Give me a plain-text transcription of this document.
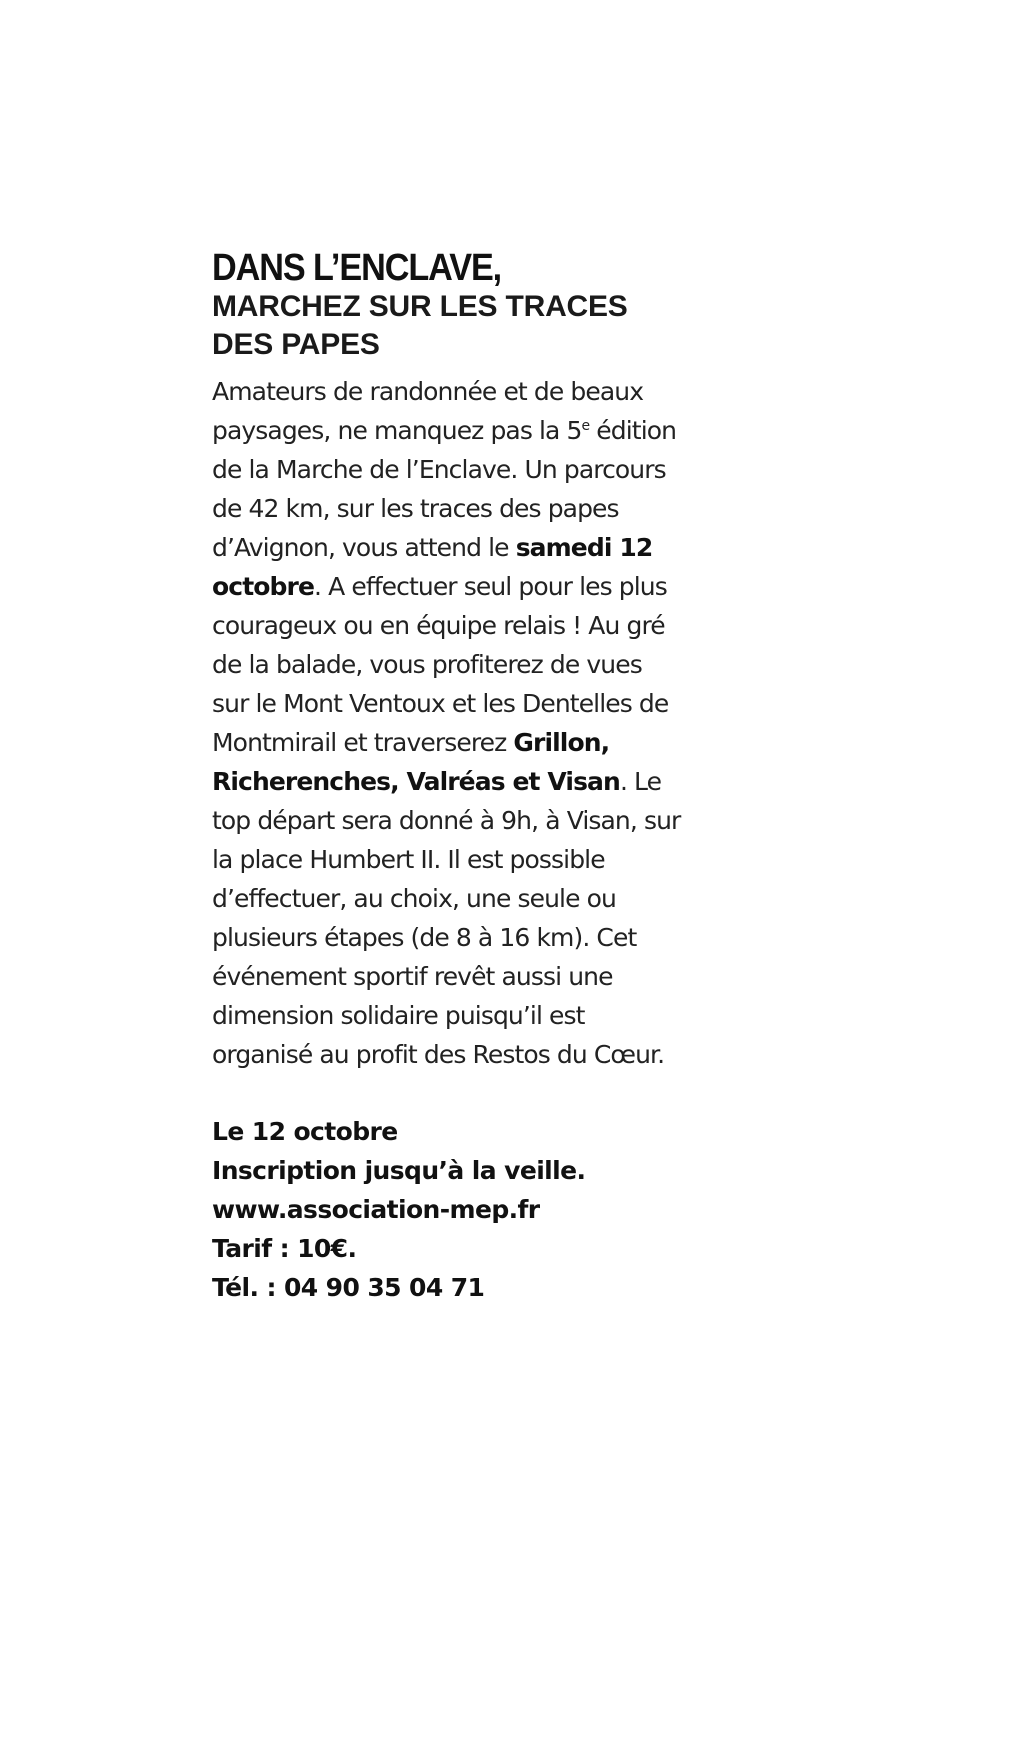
DANS L’ENCLAVE,
MARCHEZ SUR LES TRACES DES PAPES

Amateurs de randonnée et de beaux paysages, ne manquez pas la 5e édition de la Marche de l’Enclave. Un parcours de 42 km, sur les traces des papes d’Avignon, vous attend le samedi 12 octobre. A effectuer seul pour les plus courageux ou en équipe relais ! Au gré de la balade, vous profiterez de vues sur le Mont Ventoux et les Dentelles de Montmirail et traverserez Grillon, Richerenches, Valréas et Visan. Le top départ sera donné à 9h, à Visan, sur la place Humbert II. Il est possible d’effectuer, au choix, une seule ou plusieurs étapes (de 8 à 16 km). Cet événement sportif revêt aussi une dimension solidaire puisqu’il est organisé au profit des Restos du Cœur.

Le 12 octobre
Inscription jusqu’à la veille.
www.association-mep.fr
Tarif : 10€.
Tél. : 04 90 35 04 71
